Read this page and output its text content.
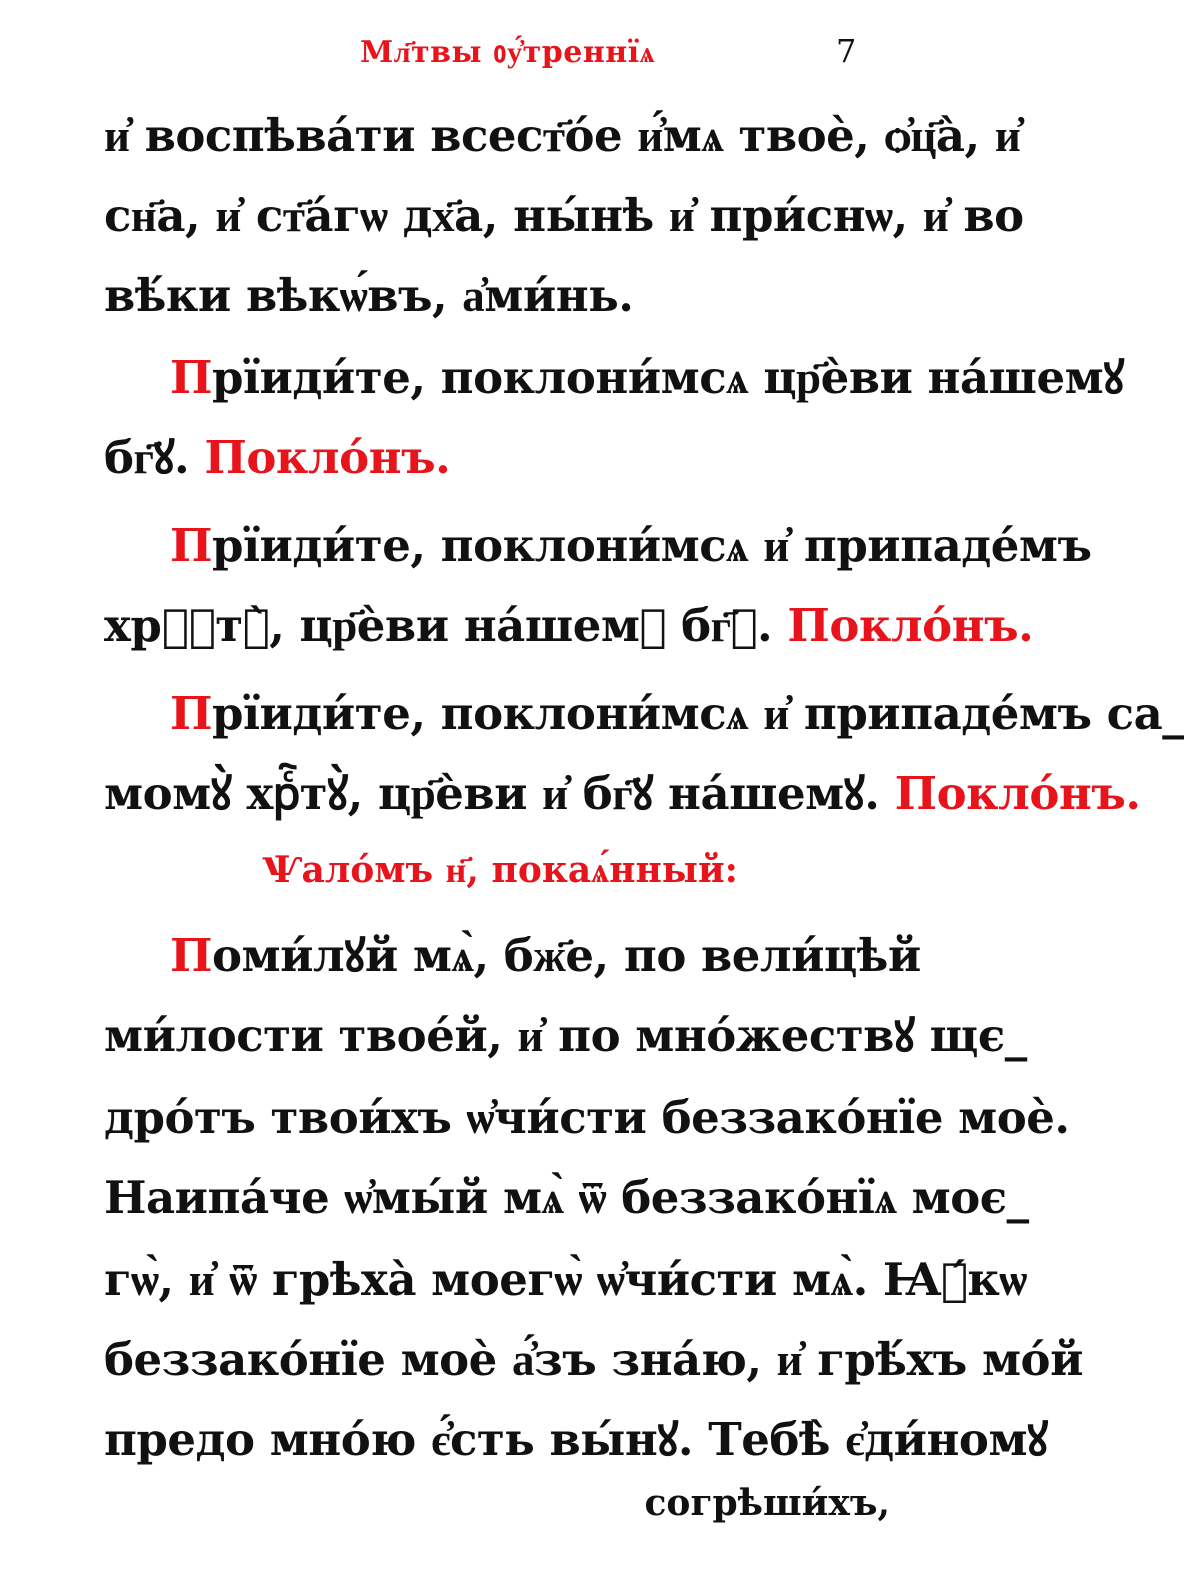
Мл҃твы ᲂу҆́треннїѧ	7
и҆ воспѣва́ти всест҃о́е и҆́мѧ твоѐ, ѻ҆ц҃а̀, и҆
сн҃а, и҆ ст҃а́гѡ дх҃а, ны́нѣ и҆ при́снѡ, и҆ во
вѣ́ки вѣкѡ́въ, а҆ми́нь.
Прїиди́те, поклони́мсѧ цр҃ѐви на́шемꙋ
бг҃ꙋ. Покло́нъ.
Прїиди́те, поклони́мсѧ и҆ припаде́мъ
хрⷭ҇тꙋ̀, цр҃ѐви на́шемꙋ бг҃ꙋ. Покло́нъ.
Прїиди́те, поклони́мсѧ и҆ припаде́мъ са_
момꙋ̀ хрⷭ҇тꙋ̀, цр҃ѐви и҆ бг҃ꙋ на́шемꙋ. Покло́нъ.
Ѱало́мъ н҃, покаѧ́нный:
Поми́лꙋй мѧ̀, бж҃е, по вели́цѣй
ми́лости твое́й, и҆ по мно́жествꙋ щє_
дро́тъ твои́хъ ѡ҆чи́сти беззако́нїе моѐ.
Наипа́че ѡ҆мы́й мѧ̀ ѿ беззако́нїѧ моє_
гѡ̀, и҆ ѿ грѣха̀ моегѡ̀ ѡ҆чи́сти мѧ̀. Ꙗ҆́кѡ
беззако́нїе моѐ а҆́зъ зна́ю, и҆ грѣ́хъ мо́й
предо мно́ю є҆́сть вы́нꙋ. Тебѣ̀ є҆ди́номꙋ
согрѣши́хъ,
